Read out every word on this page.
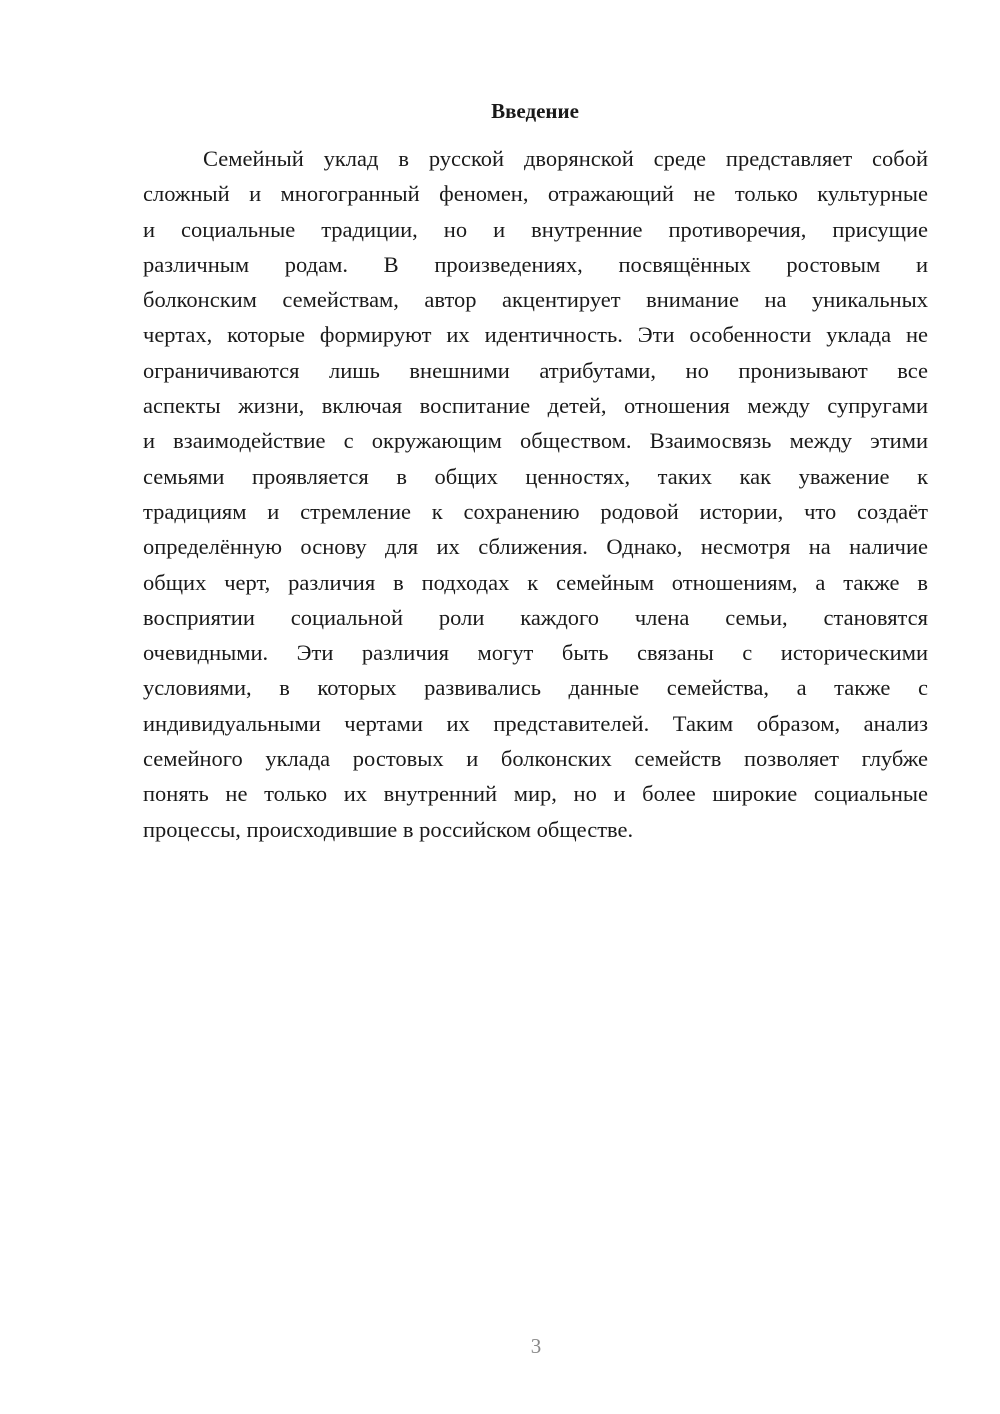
Введение
Семейный уклад в русской дворянской среде представляет собой
сложный и многогранный феномен, отражающий не только культурные
и социальные традиции, но и внутренние противоречия, присущие
различным родам. В произведениях, посвящённых ростовым и
болконским семействам, автор акцентирует внимание на уникальных
чертах, которые формируют их идентичность. Эти особенности уклада не
ограничиваются лишь внешними атрибутами, но пронизывают все
аспекты жизни, включая воспитание детей, отношения между супругами
и взаимодействие с окружающим обществом. Взаимосвязь между этими
семьями проявляется в общих ценностях, таких как уважение к
традициям и стремление к сохранению родовой истории, что создаёт
определённую основу для их сближения. Однако, несмотря на наличие
общих черт, различия в подходах к семейным отношениям, а также в
восприятии социальной роли каждого члена семьи, становятся
очевидными. Эти различия могут быть связаны с историческими
условиями, в которых развивались данные семейства, а также с
индивидуальными чертами их представителей. Таким образом, анализ
семейного уклада ростовых и болконских семейств позволяет глубже
понять не только их внутренний мир, но и более широкие социальные
процессы, происходившие в российском обществе.
3
